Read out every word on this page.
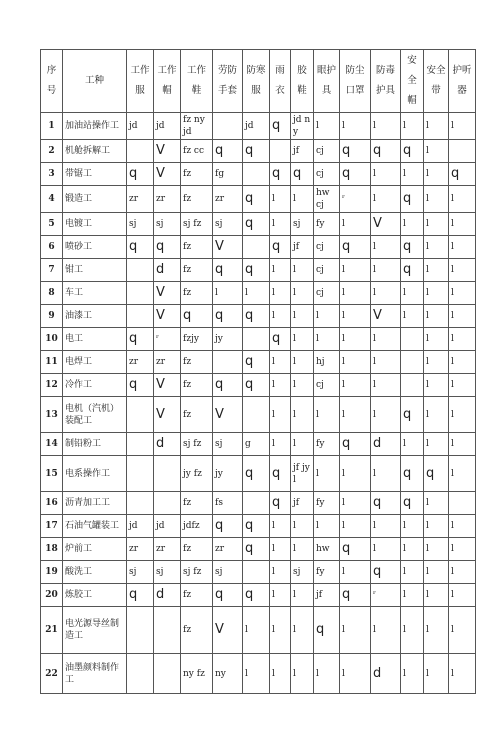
序号	工种	工作服	工作帽	工作鞋	劳防手套	防寒服	雨衣	胶鞋	眼护具	防尘口罩	防毒护具	安全帽	安全带	护听器
1	加油站操作工	jd	jd	fz ny jd		jd	q	jd ny	l	l	l	l	l	l
2	机舱拆解工		V	fz cc	q	q		jf	cj	q	q	q	l	
3	带锯工	q	V	fz	fg		q	q	cj	q	l	l	l	q
4	锻造工	zr	zr	fz	zr	q	l	l	hw cj	ʳ	l	q	l	l
5	电镀工	sj	sj	sj fz	sj	q	l	sj	fy	l	V	l	l	l
6	喷砂工	q	q	fz	V		q	jf	cj	q	l	q	l	l
7	钳工		d	fz	q	q	l	l	cj	l	l	q	l	l
8	车工		V	fz	l	l	l	l	cj	l	l	l	l	l
9	油漆工		V	q	q	q	l	l	l	l	V	l	l	l
10	电工	q	ʳ	fzjy	jy		q	l	l	l	l		l	l
11	电焊工	zr	zr	fz		q	l	l	hj	l	l		l	l
12	冷作工	q	V	fz	q	q	l	l	cj	l	l		l	l
13	电机（汽机）装配工		V	fz	V		l	l	l	l	l	q	l	l
14	制铅粉工		d	sj fz	sj	g	l	l	fy	q	d	l	l	l
15	电系操作工			jy fz	jy	q	q	jf jy l	l	l	l	q	q	l
16	沥青加工工			fz	fs		q	jf	fy	l	q	q	l	
17	石油气罐装工	jd	jd	jdfz	q	q	l	l	l	l	l	l	l	l
18	炉前工	zr	zr	fz	zr	q	l	l	hw	q	l	l	l	l
19	酸洗工	sj	sj	sj fz	sj		l	sj	fy	l	q	l	l	l
20	炼胶工	q	d	fz	q	q	l	l	jf	q	ʳ	l	l	l
21	电光源导丝制造工			fz	V	l	l	l	q	l	l	l	l	l
22	油墨颜料制作工			ny fz	ny	l	l	l	l	l	d	l	l	l
